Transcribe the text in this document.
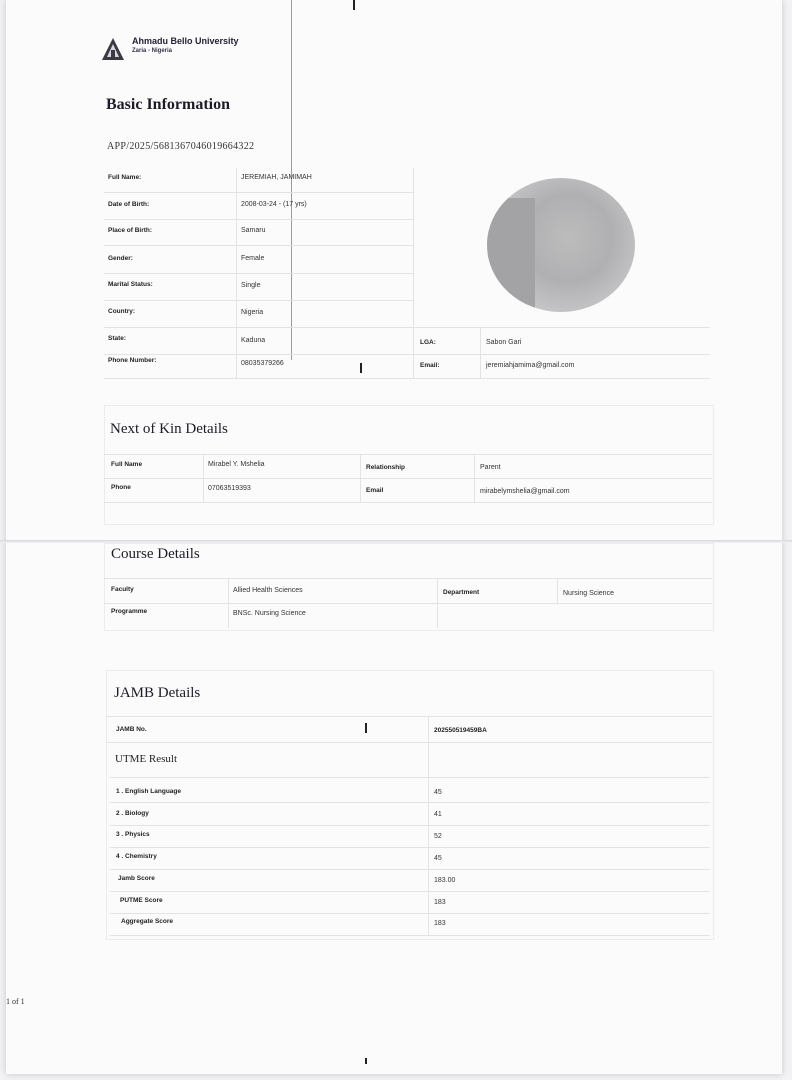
Ahmadu Bello University
Zaria - Nigeria
Basic Information
APP/2025/5681367046019664322
Full Name:	JEREMIAH, JAMIMAH
Date of Birth:	2008-03-24 - (17 yrs)
Place of Birth:	Samaru
Gender:	Female
Marital Status:	Single
Country:	Nigeria
State:	Kaduna	LGA:	Sabon Gari
Phone Number:	08035379266	Email:	jeremiahjamima@gmail.com
Next of Kin Details
Full Name	Mirabel Y. Mshelia	Relationship	Parent
Phone	07063519393	Email	mirabelymshelia@gmail.com
Course Details
Faculty	Allied Health Sciences	Department	Nursing Science
Programme	BNSc. Nursing Science
JAMB Details
JAMB No.	202550519459BA
UTME Result
1 . English Language	45
2 . Biology	41
3 . Physics	52
4 . Chemistry	45
Jamb Score	183.00
PUTME Score	183
Aggregate Score	183
1 of 1
